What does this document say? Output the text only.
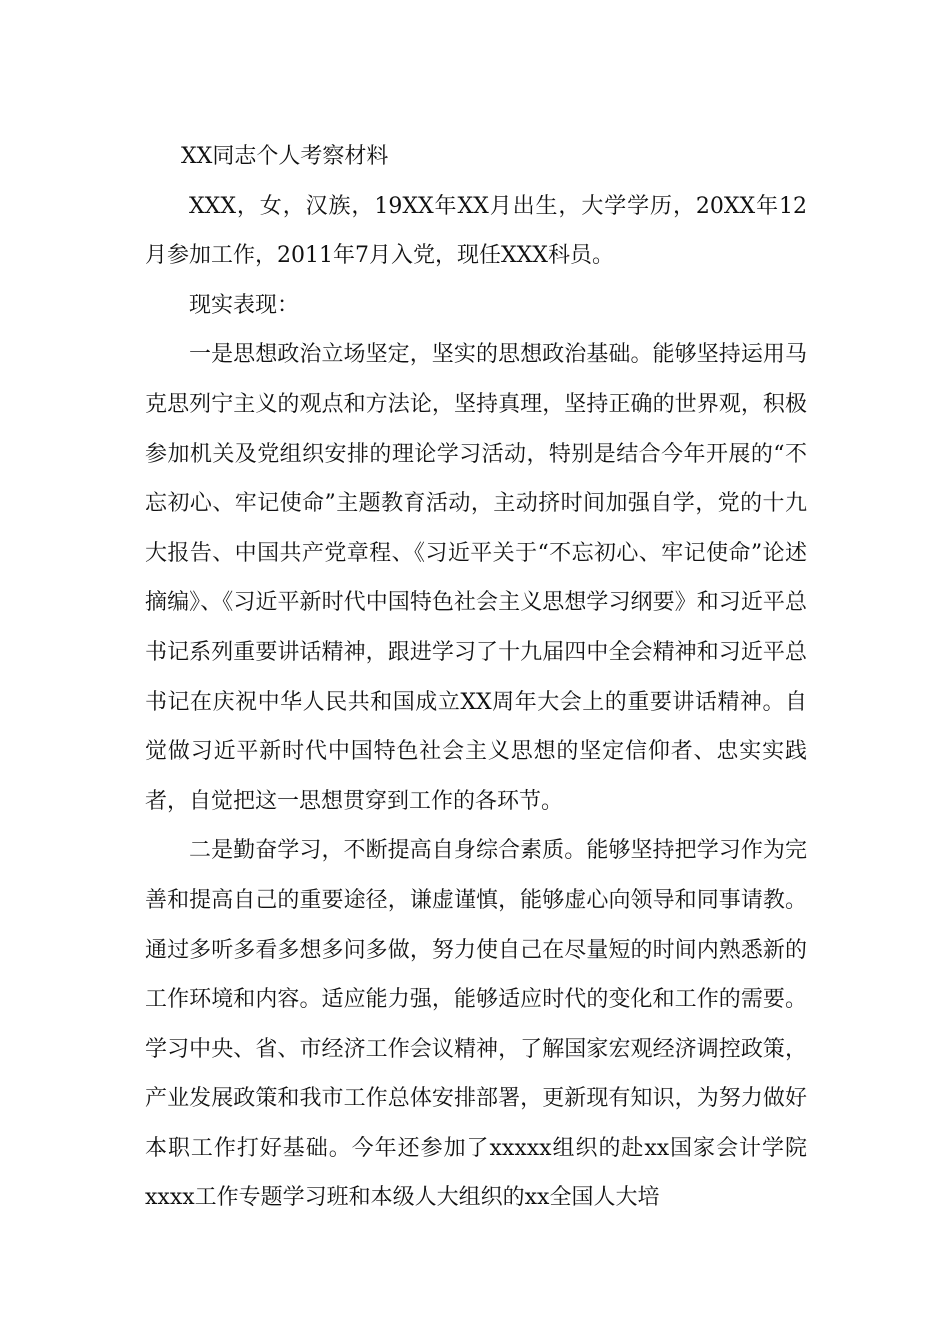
XX同志个人考察材料

XXX，女，汉族，19XX年XX月出生，大学学历，20XX年12月参加工作，2011年7月入党，现任XXX科员。

现实表现：

一是思想政治立场坚定，坚实的思想政治基础。能够坚持运用马克思列宁主义的观点和方法论，坚持真理，坚持正确的世界观，积极参加机关及党组织安排的理论学习活动，特别是结合今年开展的“不忘初心、牢记使命”主题教育活动，主动挤时间加强自学，党的十九大报告、中国共产党章程、《习近平关于“不忘初心、牢记使命”论述摘编》、《习近平新时代中国特色社会主义思想学习纲要》和习近平总书记系列重要讲话精神，跟进学习了十九届四中全会精神和习近平总书记在庆祝中华人民共和国成立XX周年大会上的重要讲话精神。自觉做习近平新时代中国特色社会主义思想的坚定信仰者、忠实实践者，自觉把这一思想贯穿到工作的各环节。

二是勤奋学习，不断提高自身综合素质。能够坚持把学习作为完善和提高自己的重要途径，谦虚谨慎，能够虚心向领导和同事请教。通过多听多看多想多问多做，努力使自己在尽量短的时间内熟悉新的工作环境和内容。适应能力强，能够适应时代的变化和工作的需要。学习中央、省、市经济工作会议精神，了解国家宏观经济调控政策，产业发展政策和我市工作总体安排部署，更新现有知识，为努力做好本职工作打好基础。今年还参加了xxxxx组织的赴xx国家会计学院xxxx工作专题学习班和本级人大组织的xx全国人大培
